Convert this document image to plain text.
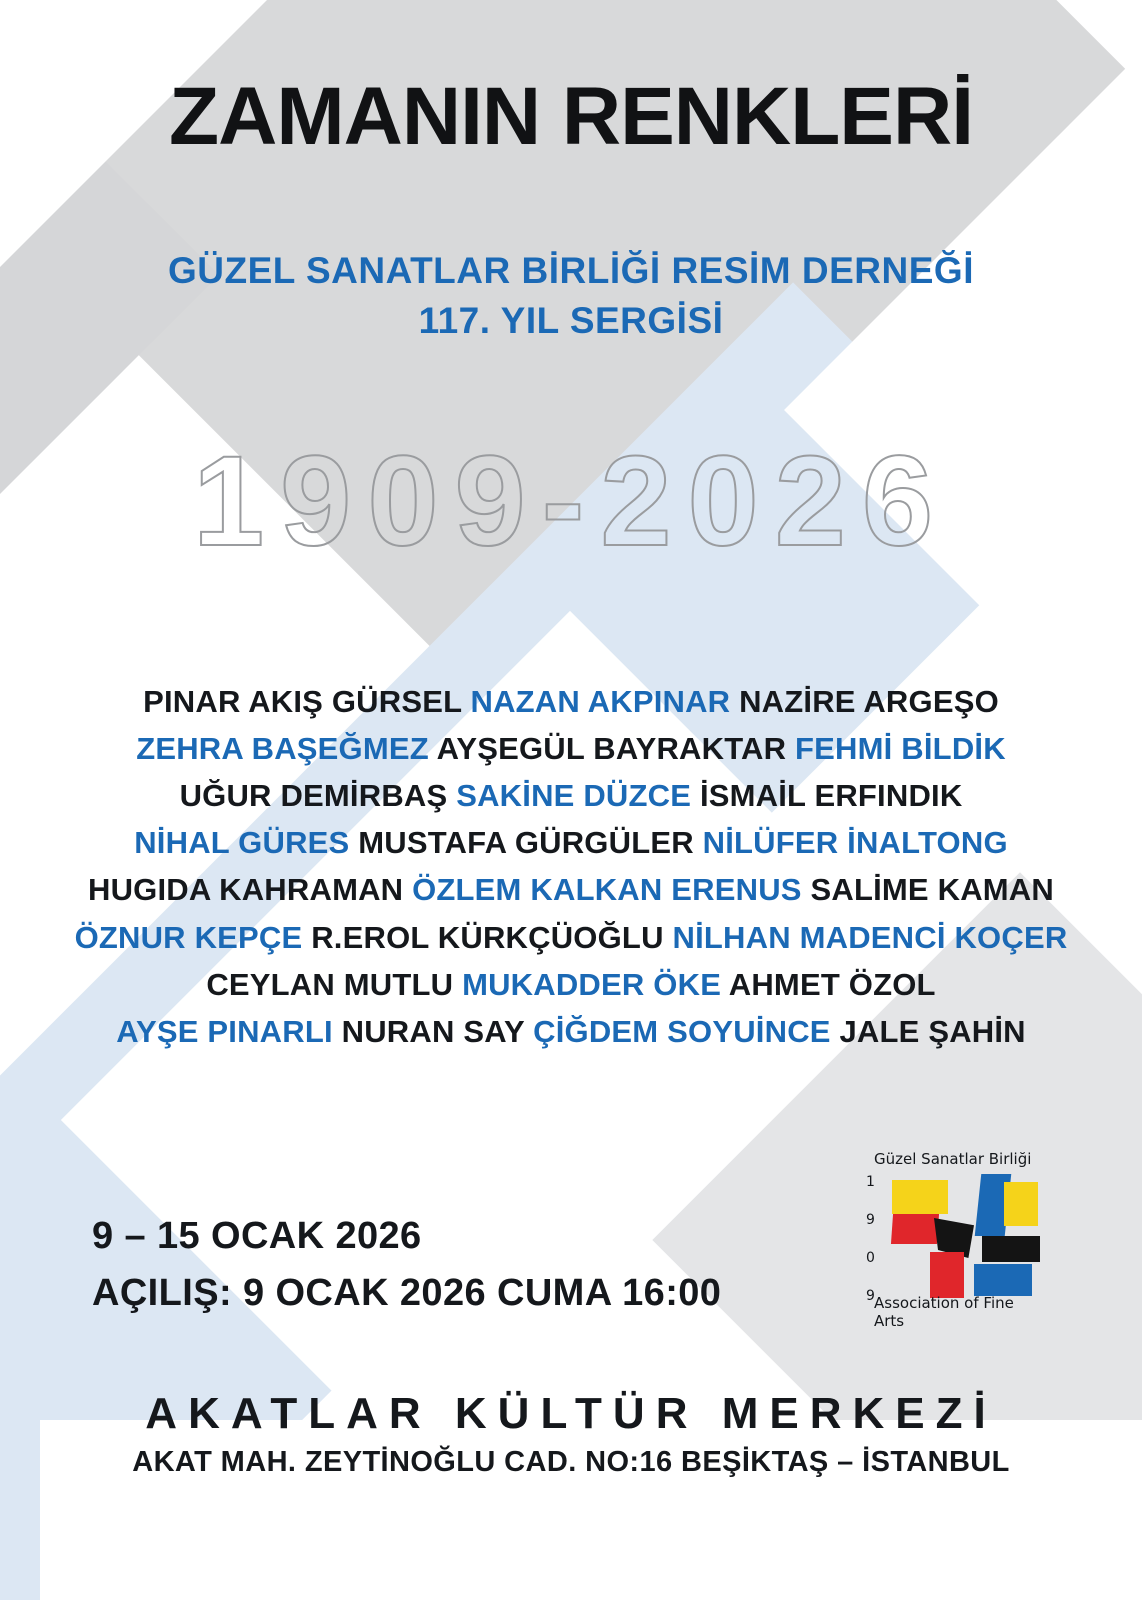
ZAMANIN RENKLERİ
GÜZEL SANATLAR BİRLİĞİ RESİM DERNEĞİ
117. YIL SERGİSİ
1909-2026
PINAR AKIŞ GÜRSEL NAZAN AKPINAR NAZİRE ARGEŞO
ZEHRA BAŞEĞMEZ AYŞEGÜL BAYRAKTAR FEHMİ BİLDİK
UĞUR DEMİRBAŞ SAKİNE DÜZCE İSMAİL ERFINDIK
NİHAL GÜRES MUSTAFA GÜRGÜLER NİLÜFER İNALTONG
HUGIDA KAHRAMAN ÖZLEM KALKAN ERENUS SALİME KAMAN
ÖZNUR KEPÇE R.EROL KÜRKÇÜOĞLU NİLHAN MADENCİ KOÇER
CEYLAN MUTLU MUKADDER ÖKE AHMET ÖZOL
AYŞE PINARLI NURAN SAY ÇİĞDEM SOYUİNCE JALE ŞAHİN
9 – 15 OCAK 2026
AÇILIŞ: 9 OCAK 2026 CUMA 16:00
Güzel Sanatlar Birliği
1
9
0
9 Association of Fine Arts
AKATLAR KÜLTÜR MERKEZİ
AKAT MAH. ZEYTİNOĞLU CAD. NO:16 BEŞİKTAŞ – İSTANBUL
